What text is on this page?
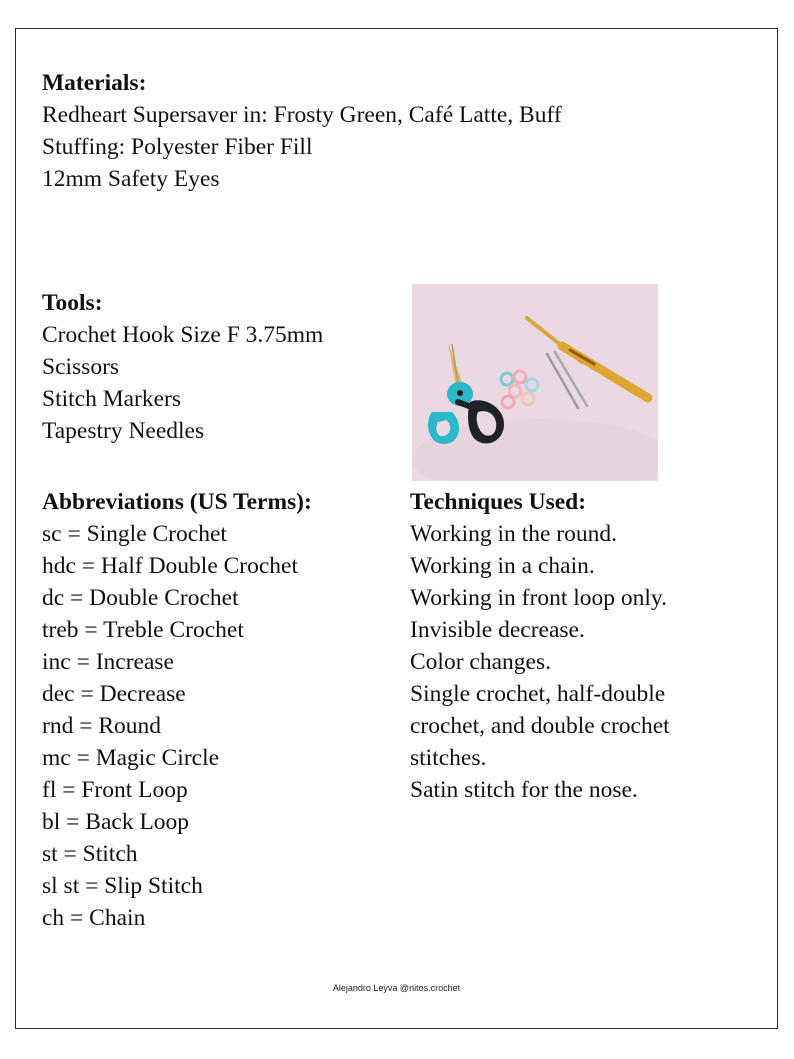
Materials:
Redheart Supersaver in: Frosty Green, Café Latte, Buff
Stuffing: Polyester Fiber Fill
12mm Safety Eyes
Tools:
Crochet Hook Size F 3.75mm
Scissors
Stitch Markers
Tapestry Needles
Abbreviations (US Terms):
sc = Single Crochet
hdc = Half Double Crochet
dc = Double Crochet
treb = Treble Crochet
inc = Increase
dec = Decrease
rnd = Round
mc = Magic Circle
fl = Front Loop
bl = Back Loop
st = Stitch
sl st = Slip Stitch
ch = Chain
Techniques Used:
Working in the round.
Working in a chain.
Working in front loop only.
Invisible decrease.
Color changes.
Single crochet, half-double crochet, and double crochet stitches.
Satin stitch for the nose.
Alejandro Leyva @nitos.crochet
